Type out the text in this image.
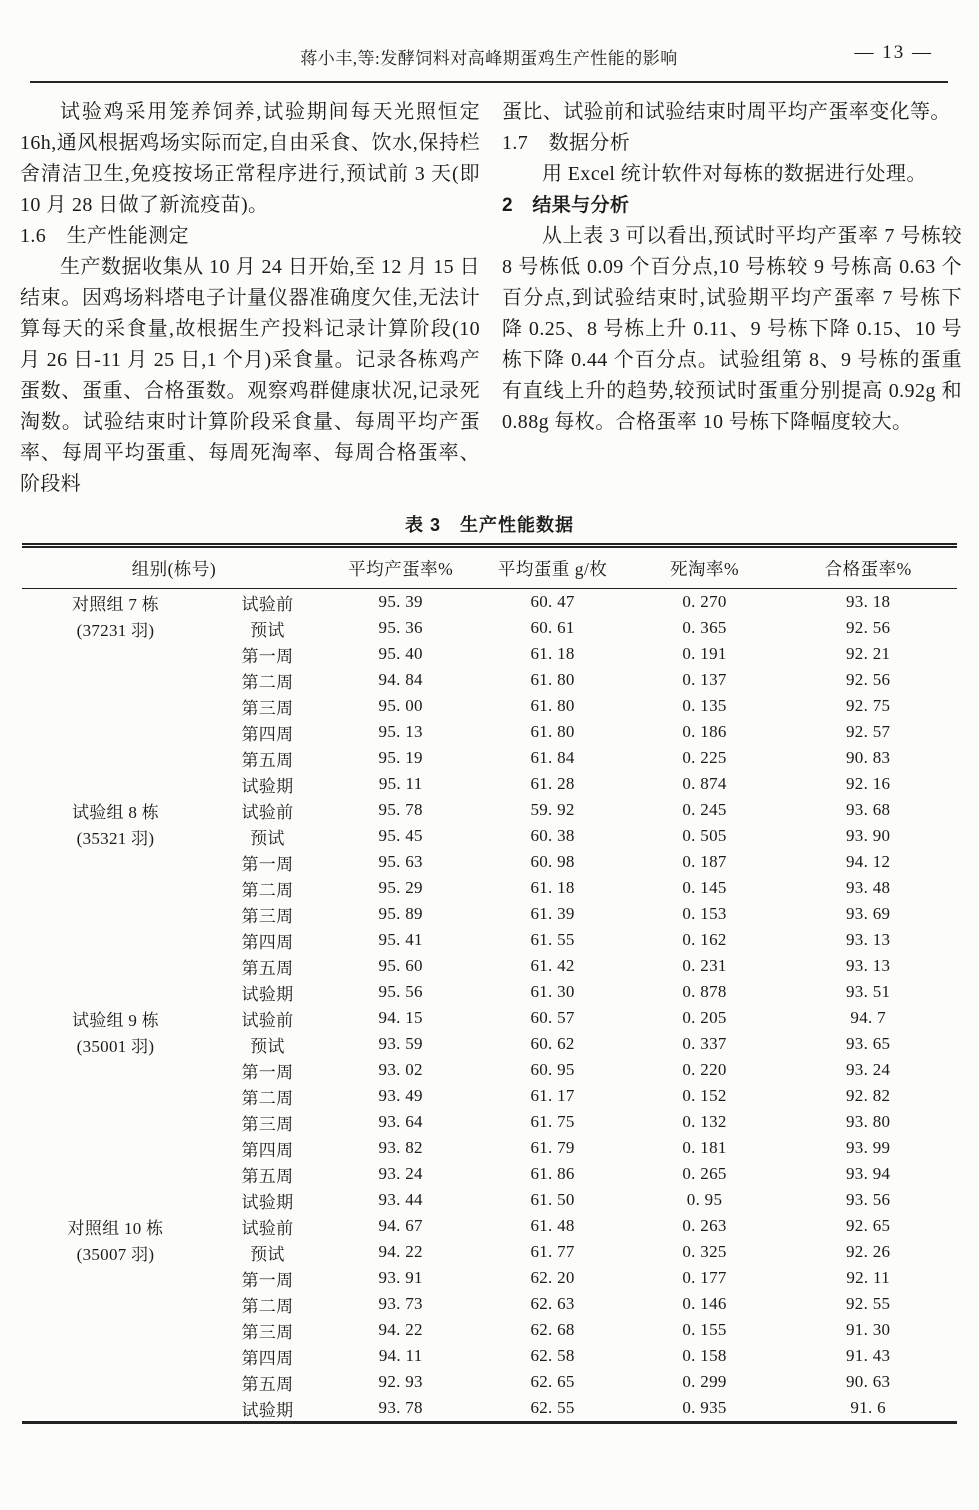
蒋小丰,等:发酵饲料对高峰期蛋鸡生产性能的影响	— 13 —

试验鸡采用笼养饲养,试验期间每天光照恒定 16h,通风根据鸡场实际而定,自由采食、饮水,保持栏舍清洁卫生,免疫按场正常程序进行,预试前 3 天(即 10 月 28 日做了新流疫苗)。

1.6　生产性能测定

生产数据收集从 10 月 24 日开始,至 12 月 15 日结束。因鸡场料塔电子计量仪器准确度欠佳,无法计算每天的采食量,故根据生产投料记录计算阶段(10 月 26 日-11 月 25 日,1 个月)采食量。记录各栋鸡产蛋数、蛋重、合格蛋数。观察鸡群健康状况,记录死淘数。试验结束时计算阶段采食量、每周平均产蛋率、每周平均蛋重、每周死淘率、每周合格蛋率、阶段料

蛋比、试验前和试验结束时周平均产蛋率变化等。

1.7　数据分析

用 Excel 统计软件对每栋的数据进行处理。

2　结果与分析

从上表 3 可以看出,预试时平均产蛋率 7 号栋较 8 号栋低 0.09 个百分点,10 号栋较 9 号栋高 0.63 个百分点,到试验结束时,试验期平均产蛋率 7 号栋下降 0.25、8 号栋上升 0.11、9 号栋下降 0.15、10 号栋下降 0.44 个百分点。试验组第 8、9 号栋的蛋重有直线上升的趋势,较预试时蛋重分别提高 0.92g 和 0.88g 每枚。合格蛋率 10 号栋下降幅度较大。

表 3　生产性能数据
组别(栋号)		平均产蛋率%	平均蛋重 g/枚	死淘率%	合格蛋率%
对照组 7 栋	试验前	95. 39	60. 47	0. 270	93. 18
(37231 羽)	预试	95. 36	60. 61	0. 365	92. 56
	第一周	95. 40	61. 18	0. 191	92. 21
	第二周	94. 84	61. 80	0. 137	92. 56
	第三周	95. 00	61. 80	0. 135	92. 75
	第四周	95. 13	61. 80	0. 186	92. 57
	第五周	95. 19	61. 84	0. 225	90. 83
	试验期	95. 11	61. 28	0. 874	92. 16
试验组 8 栋	试验前	95. 78	59. 92	0. 245	93. 68
(35321 羽)	预试	95. 45	60. 38	0. 505	93. 90
	第一周	95. 63	60. 98	0. 187	94. 12
	第二周	95. 29	61. 18	0. 145	93. 48
	第三周	95. 89	61. 39	0. 153	93. 69
	第四周	95. 41	61. 55	0. 162	93. 13
	第五周	95. 60	61. 42	0. 231	93. 13
	试验期	95. 56	61. 30	0. 878	93. 51
试验组 9 栋	试验前	94. 15	60. 57	0. 205	94. 7
(35001 羽)	预试	93. 59	60. 62	0. 337	93. 65
	第一周	93. 02	60. 95	0. 220	93. 24
	第二周	93. 49	61. 17	0. 152	92. 82
	第三周	93. 64	61. 75	0. 132	93. 80
	第四周	93. 82	61. 79	0. 181	93. 99
	第五周	93. 24	61. 86	0. 265	93. 94
	试验期	93. 44	61. 50	0. 95	93. 56
对照组 10 栋	试验前	94. 67	61. 48	0. 263	92. 65
(35007 羽)	预试	94. 22	61. 77	0. 325	92. 26
	第一周	93. 91	62. 20	0. 177	92. 11
	第二周	93. 73	62. 63	0. 146	92. 55
	第三周	94. 22	62. 68	0. 155	91. 30
	第四周	94. 11	62. 58	0. 158	91. 43
	第五周	92. 93	62. 65	0. 299	90. 63
	试验期	93. 78	62. 55	0. 935	91. 6
